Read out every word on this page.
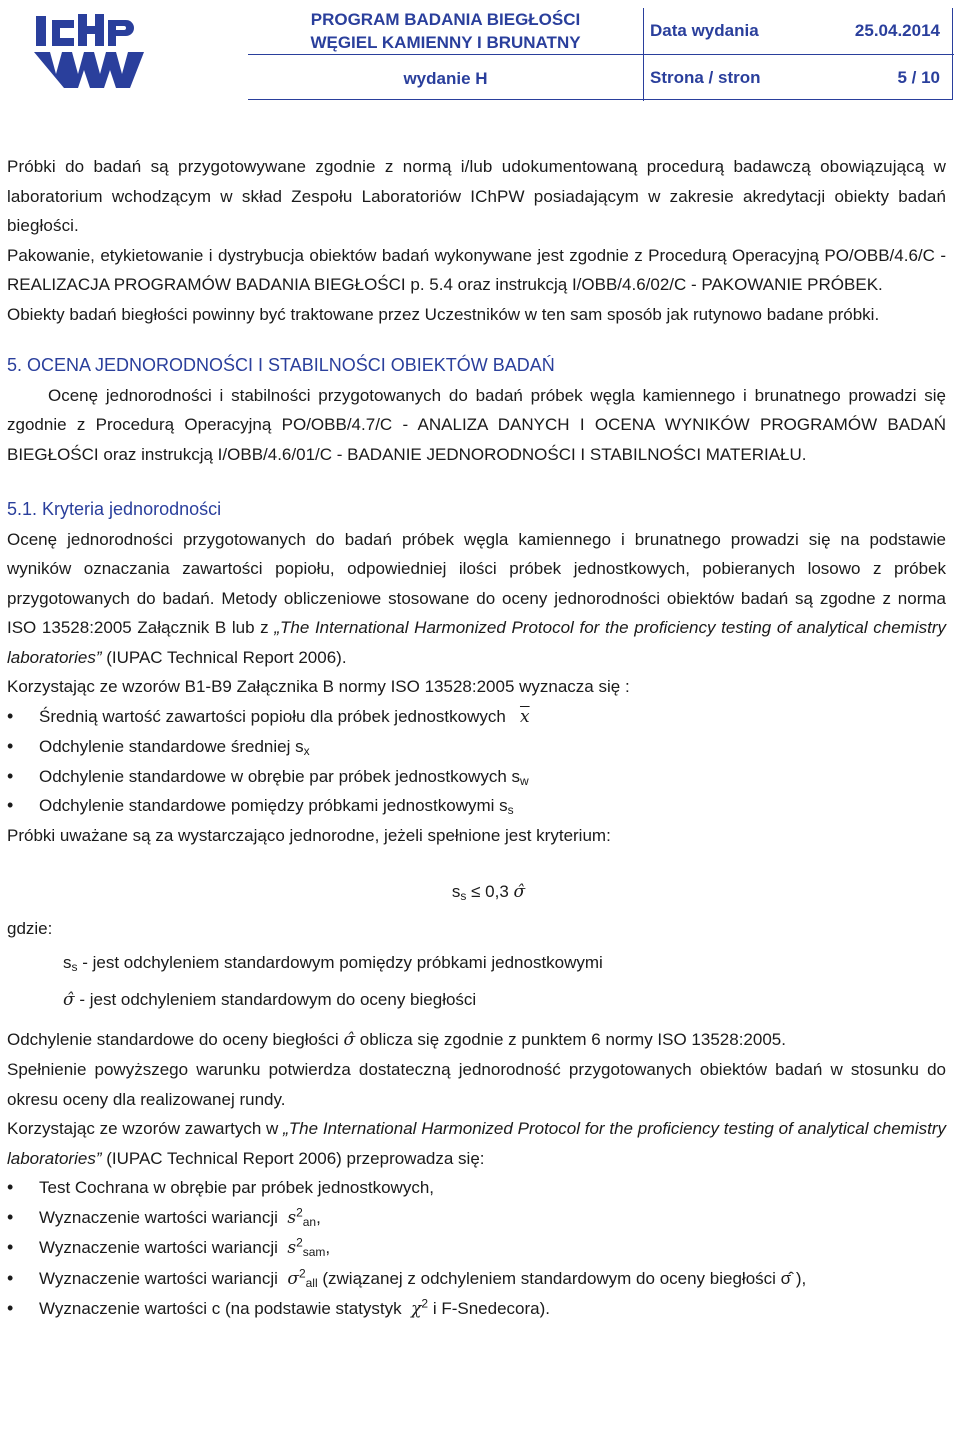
PROGRAM BADANIA BIEGŁOŚCI
WĘGIEL KAMIENNY I BRUNATNY	Data wydania	25.04.2014
wydanie H	Strona / stron	5 / 10

Próbki do badań są przygotowywane zgodnie z normą i/lub udokumentowaną procedurą badawczą obowiązującą w laboratorium wchodzącym w skład Zespołu Laboratoriów IChPW posiadającym w zakresie akredytacji obiekty badań biegłości.

Pakowanie, etykietowanie i dystrybucja obiektów badań wykonywane jest zgodnie z Procedurą Operacyjną PO/OBB/4.6/C - REALIZACJA PROGRAMÓW BADANIA BIEGŁOŚCI p. 5.4 oraz instrukcją I/OBB/4.6/02/C - PAKOWANIE PRÓBEK.

Obiekty badań biegłości powinny być traktowane przez Uczestników w ten sam sposób jak rutynowo badane próbki.

5. OCENA JEDNORODNOŚCI I STABILNOŚCI OBIEKTÓW BADAŃ

Ocenę jednorodności i stabilności przygotowanych do badań próbek węgla kamiennego i brunatnego prowadzi się zgodnie z Procedurą Operacyjną PO/OBB/4.7/C - ANALIZA DANYCH I OCENA WYNIKÓW PROGRAMÓW BADAŃ BIEGŁOŚCI oraz instrukcją I/OBB/4.6/01/C - BADANIE JEDNORODNOŚCI I STABILNOŚCI MATERIAŁU.

5.1. Kryteria jednorodności

Ocenę jednorodności przygotowanych do badań próbek węgla kamiennego i brunatnego prowadzi się na podstawie wyników oznaczania zawartości popiołu, odpowiedniej ilości próbek jednostkowych, pobieranych losowo z próbek przygotowanych do badań. Metody obliczeniowe stosowane do oceny jednorodności obiektów badań są zgodne z norma ISO 13528:2005 Załącznik B lub z „The International Harmonized Protocol for the proficiency testing of analytical chemistry laboratories” (IUPAC Technical Report 2006).

Korzystając ze wzorów B1-B9 Załącznika B normy ISO 13528:2005 wyznacza się :

• Średnią wartość zawartości popiołu dla próbek jednostkowych $\overline{x}$
• Odchylenie standardowe średniej $s_x$
• Odchylenie standardowe w obrębie par próbek jednostkowych $s_w$
• Odchylenie standardowe pomiędzy próbkami jednostkowymi $s_s$

Próbki uważane są za wystarczająco jednorodne, jeżeli spełnione jest kryterium:

$s_s \le 0,3$ σ̂

gdzie:

$s_s$ - jest odchyleniem standardowym pomiędzy próbkami jednostkowymi

σ̂ - jest odchyleniem standardowym do oceny biegłości

Odchylenie standardowe do oceny biegłości σ̂ oblicza się zgodnie z punktem 6 normy ISO 13528:2005.

Spełnienie powyższego warunku potwierdza dostateczną jednorodność przygotowanych obiektów badań w stosunku do okresu oceny dla realizowanej rundy.

Korzystając ze wzorów zawartych w „The International Harmonized Protocol for the proficiency testing of analytical chemistry laboratories” (IUPAC Technical Report 2006) przeprowadza się:

• Test Cochrana w obrębie par próbek jednostkowych,
• Wyznaczenie wartości wariancji $s^2_{an}$,
• Wyznaczenie wartości wariancji $s^2_{sam}$,
• Wyznaczenie wartości wariancji $\sigma^2_{all}$ (związanej z odchyleniem standardowym do oceny biegłości σ̂ ),
• Wyznaczenie wartości c (na podstawie statystyk $\chi^2$ i F-Snedecora).
